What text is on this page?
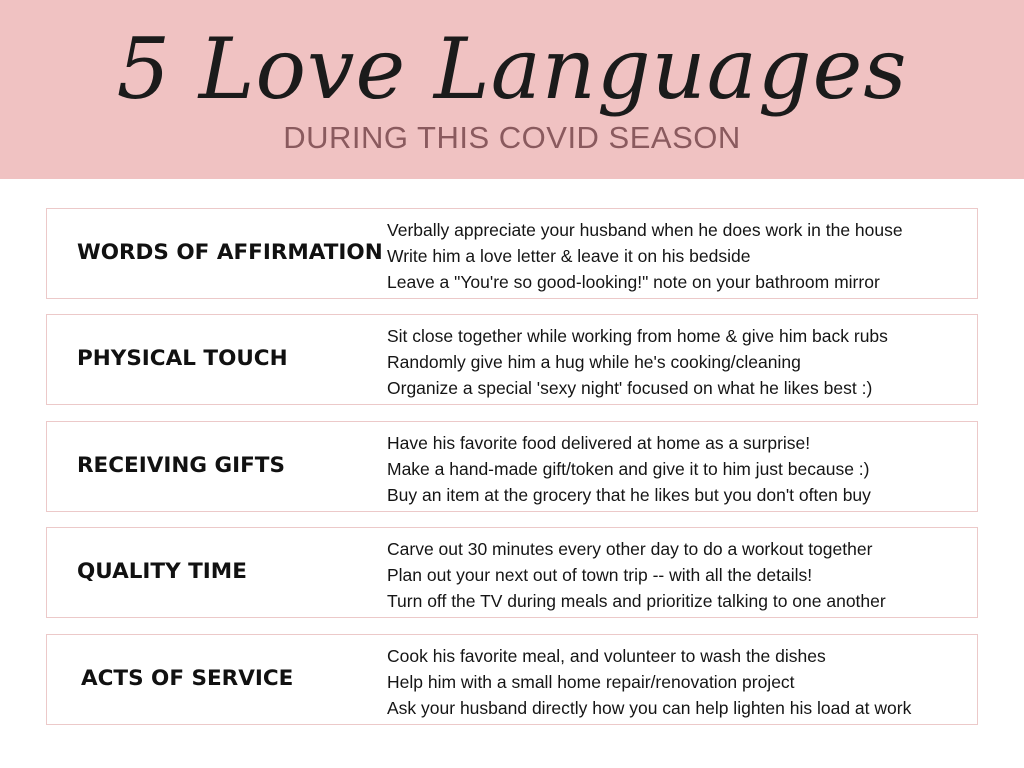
5 Love Languages
DURING THIS COVID SEASON
WORDS OF AFFIRMATION
Verbally appreciate your husband when he does work in the house
Write him a love letter & leave it on his bedside
Leave a "You're so good-looking!" note on your bathroom mirror
PHYSICAL TOUCH
Sit close together while working from home & give him back rubs
Randomly give him a hug while he's cooking/cleaning
Organize a special 'sexy night' focused on what he likes best :)
RECEIVING GIFTS
Have his favorite food delivered at home as a surprise!
Make a hand-made gift/token and give it to him just because :)
Buy an item at the grocery that he likes but you don't often buy
QUALITY TIME
Carve out 30 minutes every other day to do a workout together
Plan out your next out of town trip -- with all the details!
Turn off the TV during meals and prioritize talking to one another
ACTS OF SERVICE
Cook his favorite meal, and volunteer to wash the dishes
Help him with a small home repair/renovation project
Ask your husband directly how you can help lighten his load at work
